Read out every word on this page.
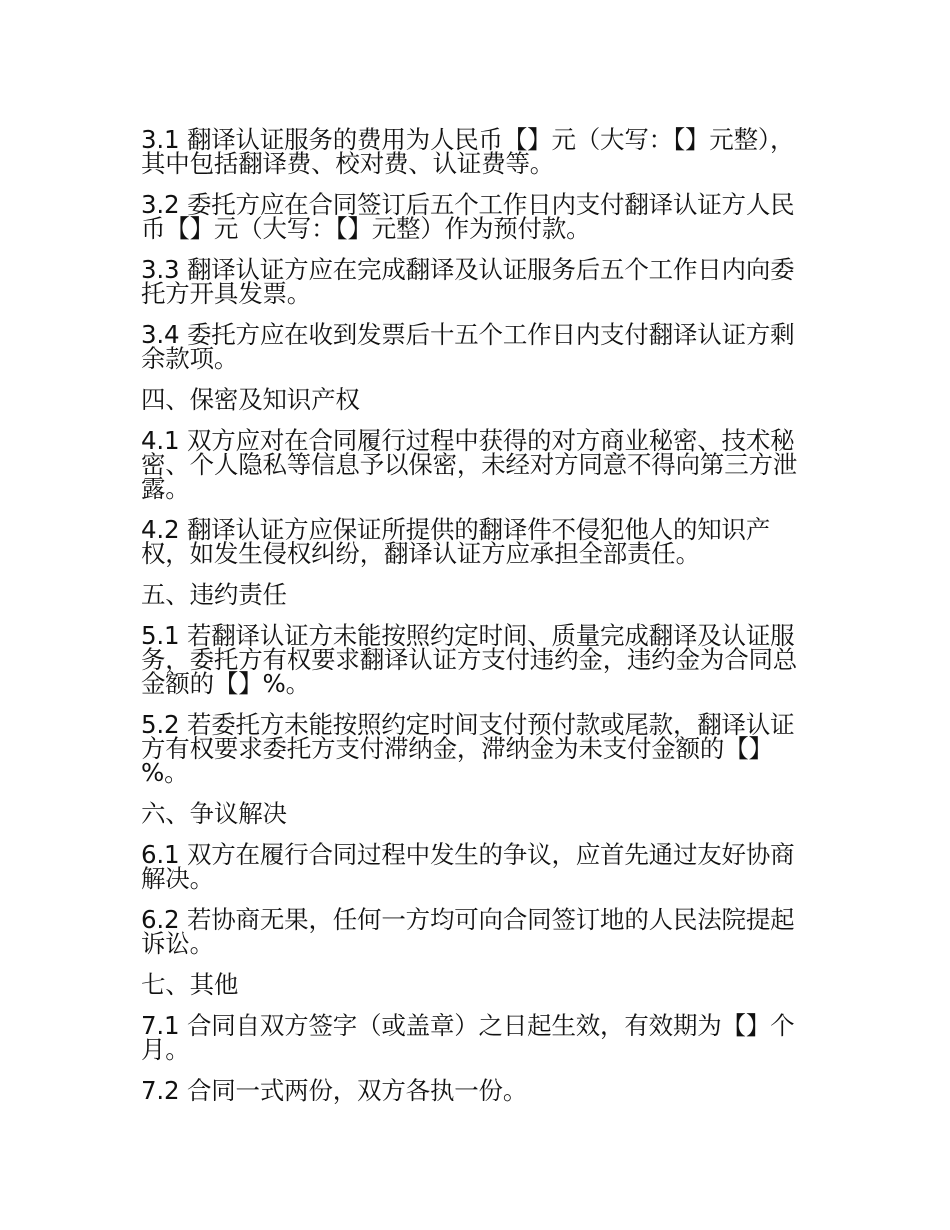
3.1 翻译认证服务的费用为人民币【】元（大写：【】元整），其中包括翻译费、校对费、认证费等。

3.2 委托方应在合同签订后五个工作日内支付翻译认证方人民币【】元（大写：【】元整）作为预付款。

3.3 翻译认证方应在完成翻译及认证服务后五个工作日内向委托方开具发票。

3.4 委托方应在收到发票后十五个工作日内支付翻译认证方剩余款项。

四、保密及知识产权

4.1 双方应对在合同履行过程中获得的对方商业秘密、技术秘密、个人隐私等信息予以保密，未经对方同意不得向第三方泄露。

4.2 翻译认证方应保证所提供的翻译件不侵犯他人的知识产权，如发生侵权纠纷，翻译认证方应承担全部责任。

五、违约责任

5.1 若翻译认证方未能按照约定时间、质量完成翻译及认证服务，委托方有权要求翻译认证方支付违约金，违约金为合同总金额的【】%。

5.2 若委托方未能按照约定时间支付预付款或尾款，翻译认证方有权要求委托方支付滞纳金，滞纳金为未支付金额的【】%。

六、争议解决

6.1 双方在履行合同过程中发生的争议，应首先通过友好协商解决。

6.2 若协商无果，任何一方均可向合同签订地的人民法院提起诉讼。

七、其他

7.1 合同自双方签字（或盖章）之日起生效，有效期为【】个月。

7.2 合同一式两份，双方各执一份。
